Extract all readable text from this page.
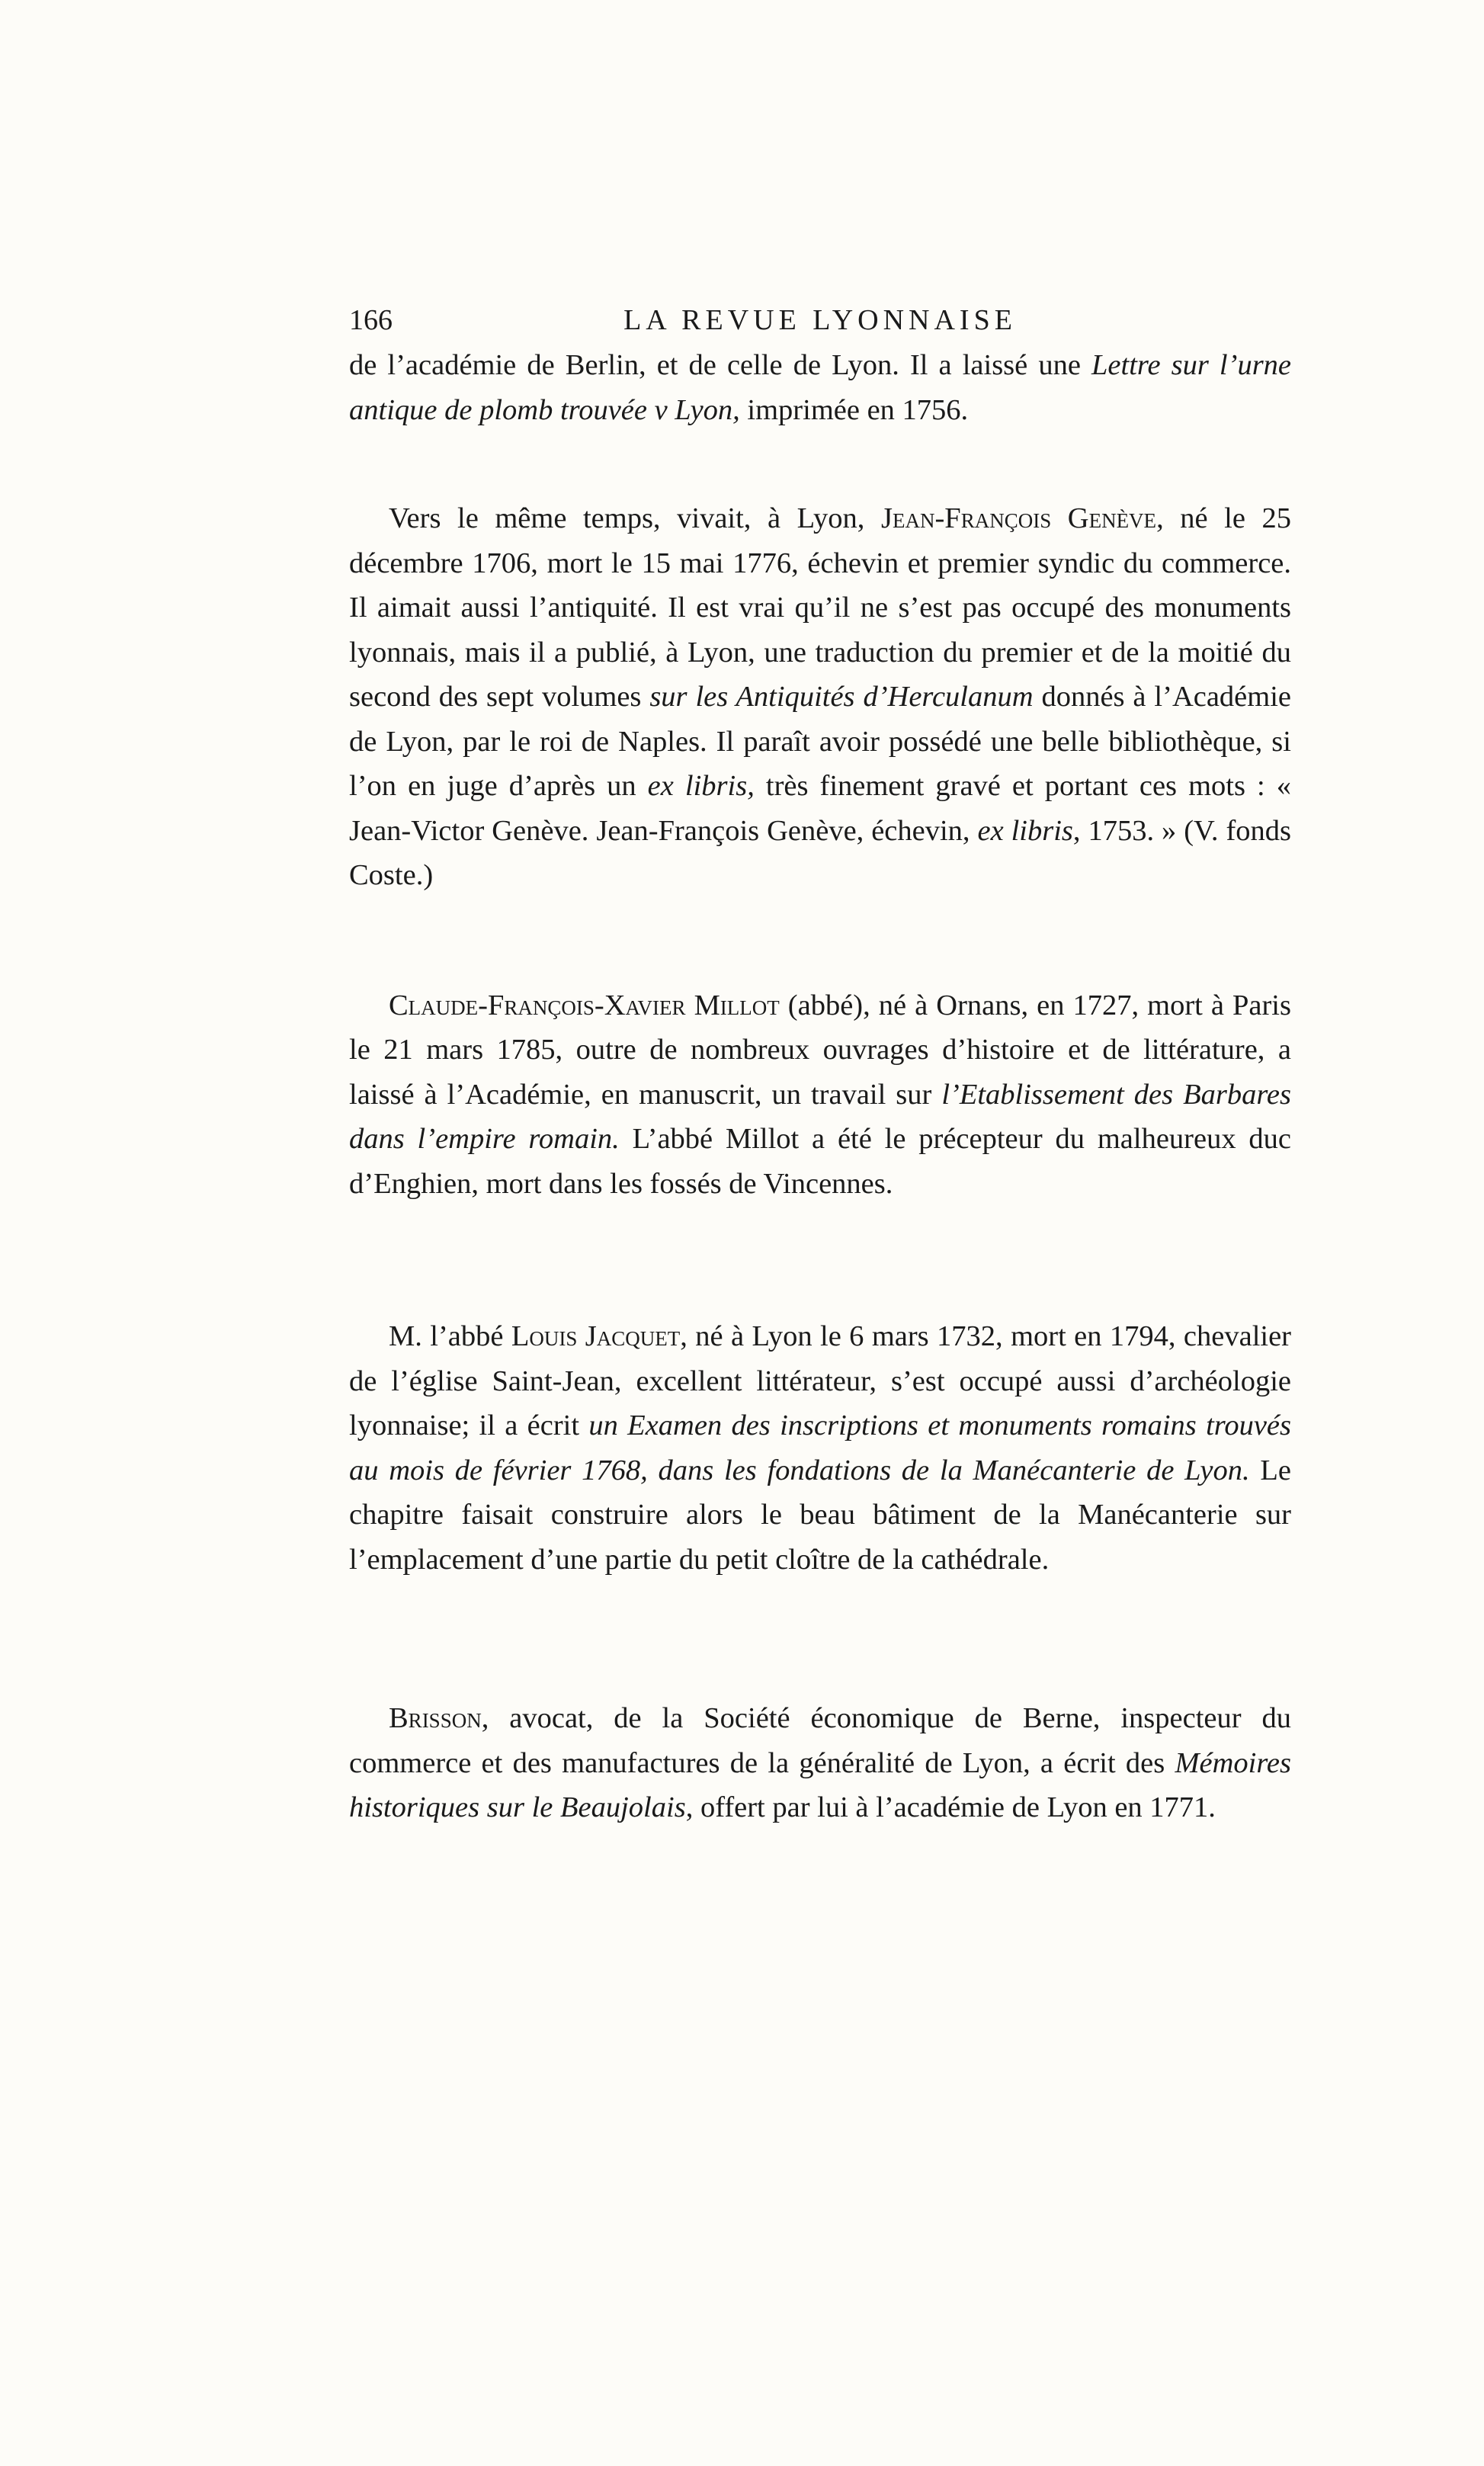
166	LA REVUE LYONNAISE

de l’académie de Berlin, et de celle de Lyon. Il a laissé une Lettre sur l’urne antique de plomb trouvée v Lyon, imprimée en 1756.

Vers le même temps, vivait, à Lyon, Jean-François Genève, né le 25 décembre 1706, mort le 15 mai 1776, échevin et premier syndic du commerce. Il aimait aussi l’antiquité. Il est vrai qu’il ne s’est pas occupé des monuments lyonnais, mais il a publié, à Lyon, une traduction du premier et de la moitié du second des sept volumes sur les Antiquités d’Herculanum donnés à l’Académie de Lyon, par le roi de Naples. Il paraît avoir possédé une belle bibliothèque, si l’on en juge d’après un ex libris, très finement gravé et portant ces mots : « Jean-Victor Genève. Jean-François Genève, échevin, ex libris, 1753. » (V. fonds Coste.)

Claude-François-Xavier Millot (abbé), né à Ornans, en 1727, mort à Paris le 21 mars 1785, outre de nombreux ouvrages d’histoire et de littérature, a laissé à l’Académie, en manuscrit, un travail sur l’Etablissement des Barbares dans l’empire romain. L’abbé Millot a été le précepteur du malheureux duc d’Enghien, mort dans les fossés de Vincennes.

M. l’abbé Louis Jacquet, né à Lyon le 6 mars 1732, mort en 1794, chevalier de l’église Saint-Jean, excellent littérateur, s’est occupé aussi d’archéologie lyonnaise; il a écrit un Examen des inscriptions et monuments romains trouvés au mois de février 1768, dans les fondations de la Manécanterie de Lyon. Le chapitre faisait construire alors le beau bâtiment de la Manécanterie sur l’emplacement d’une partie du petit cloître de la cathédrale.

Brisson, avocat, de la Société économique de Berne, inspecteur du commerce et des manufactures de la généralité de Lyon, a écrit des Mémoires historiques sur le Beaujolais, offert par lui à l’académie de Lyon en 1771.
